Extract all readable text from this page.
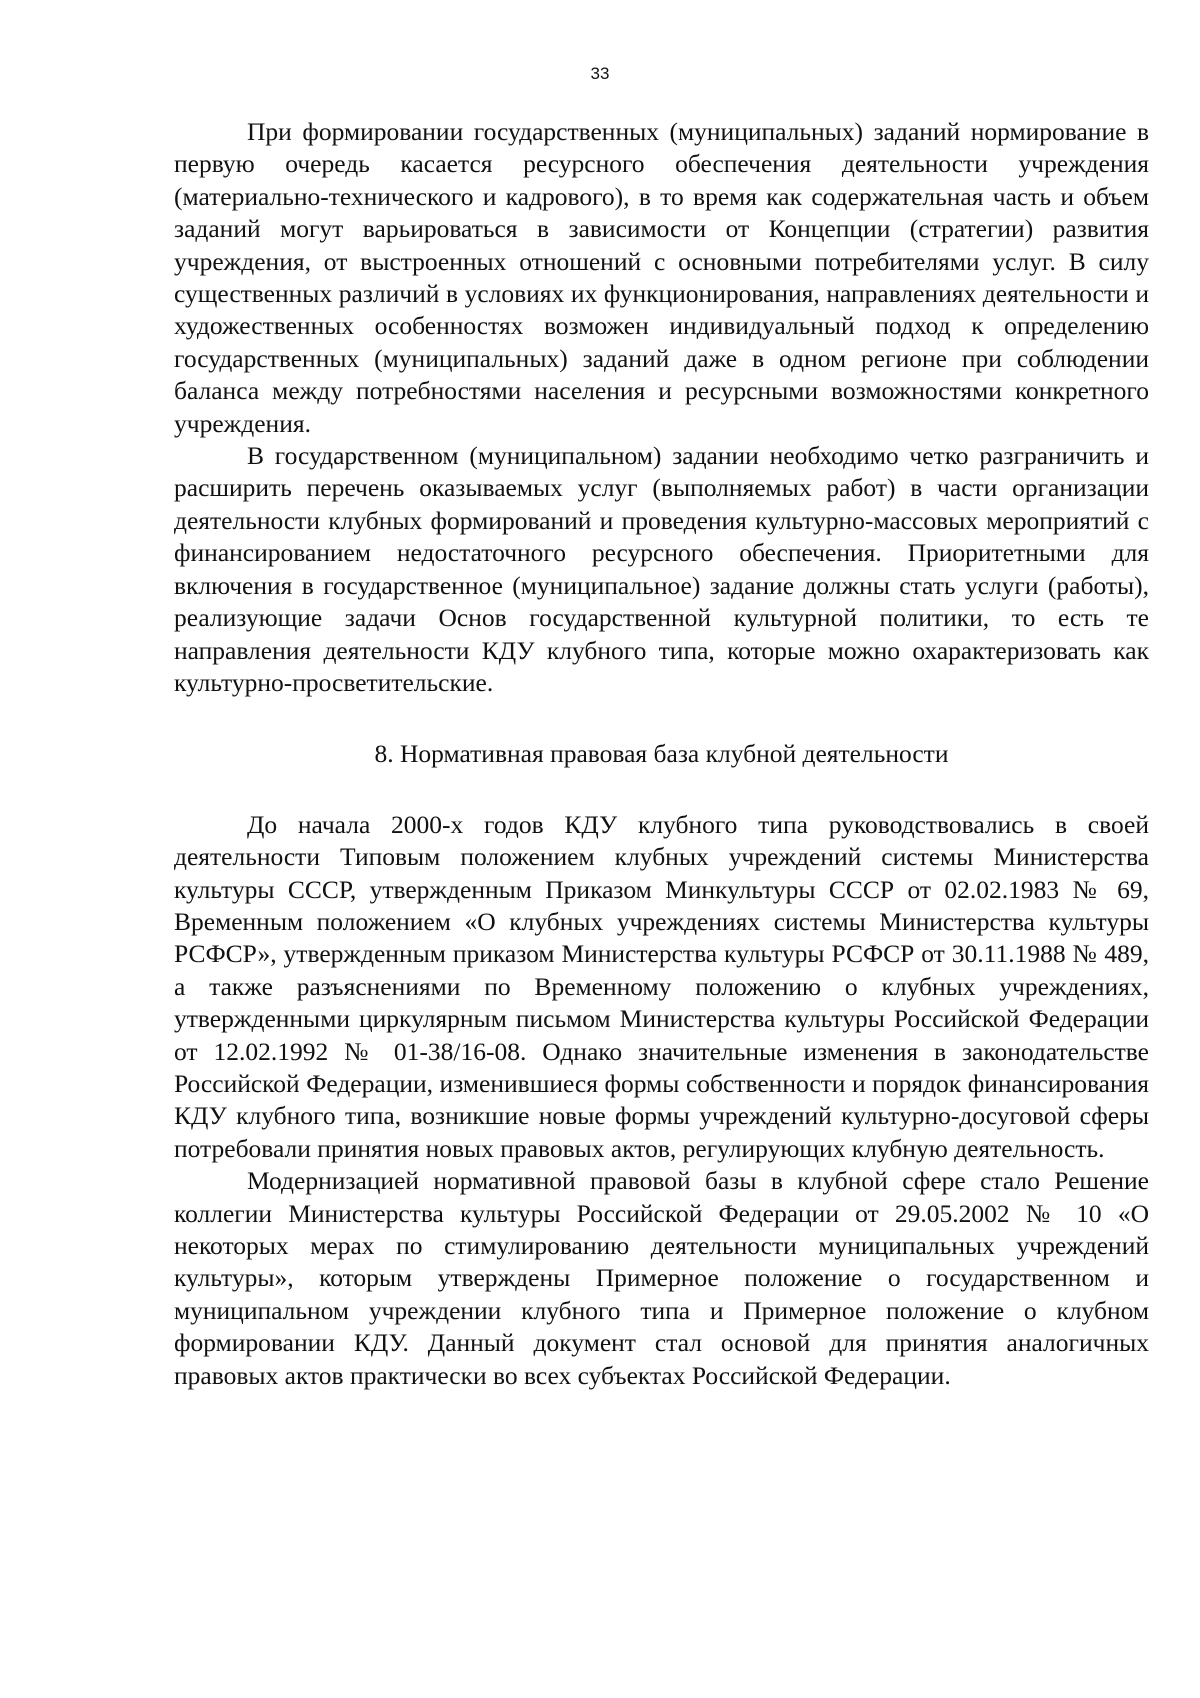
33

При формировании государственных (муниципальных) заданий нормирование в первую очередь касается ресурсного обеспечения деятельности учреждения (материально-технического и кадрового), в то время как содержательная часть и объем заданий могут варьироваться в зависимости от Концепции (стратегии) развития учреждения, от выстроенных отношений с основными потребителями услуг. В силу существенных различий в условиях их функционирования, направлениях деятельности и художественных особенностях возможен индивидуальный подход к определению государственных (муниципальных) заданий даже в одном регионе при соблюдении баланса между потребностями населения и ресурсными возможностями конкретного учреждения.

В государственном (муниципальном) задании необходимо четко разграничить и расширить перечень оказываемых услуг (выполняемых работ) в части организации деятельности клубных формирований и проведения культурно-массовых мероприятий с финансированием недостаточного ресурсного обеспечения. Приоритетными для включения в государственное (муниципальное) задание должны стать услуги (работы), реализующие задачи Основ государственной культурной политики, то есть те направления деятельности КДУ клубного типа, которые можно охарактеризовать как культурно-просветительские.

8. Нормативная правовая база клубной деятельности

До начала 2000-х годов КДУ клубного типа руководствовались в своей деятельности Типовым положением клубных учреждений системы Министерства культуры СССР, утвержденным Приказом Минкультуры СССР от 02.02.1983 № 69, Временным положением «О клубных учреждениях системы Министерства культуры РСФСР», утвержденным приказом Министерства культуры РСФСР от 30.11.1988 № 489, а также разъяснениями по Временному положению о клубных учреждениях, утвержденными циркулярным письмом Министерства культуры Российской Федерации от 12.02.1992 № 01-38/16-08. Однако значительные изменения в законодательстве Российской Федерации, изменившиеся формы собственности и порядок финансирования КДУ клубного типа, возникшие новые формы учреждений культурно-досуговой сферы потребовали принятия новых правовых актов, регулирующих клубную деятельность.

Модернизацией нормативной правовой базы в клубной сфере стало Решение коллегии Министерства культуры Российской Федерации от 29.05.2002 № 10 «О некоторых мерах по стимулированию деятельности муниципальных учреждений культуры», которым утверждены Примерное положение о государственном и муниципальном учреждении клубного типа и Примерное положение о клубном формировании КДУ. Данный документ стал основой для принятия аналогичных правовых актов практически во всех субъектах Российской Федерации.
